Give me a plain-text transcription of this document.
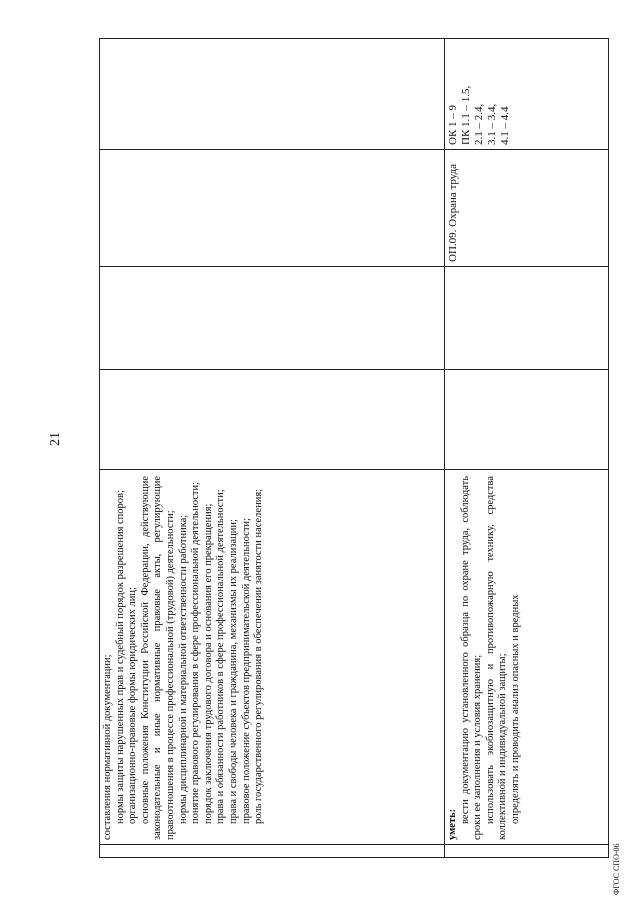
21
ФГОС СПО-06

составления нормативной документации; нормы защиты нарушенных прав и судебный порядок разрешения споров; организационно-правовые формы юридических лиц; основные положения Конституции Российской Федерации, действующие законодательные и иные нормативные правовые акты, регулирующие правоотношения в процессе профессиональной (трудовой) деятельности; нормы дисциплинарной и материальной ответственности работника; понятие правового регулирования в сфере профессиональной деятельности; порядок заключения трудового договора и основания его прекращения; права и обязанности работников в сфере профессиональной деятельности; права и свободы человека и гражданина, механизмы их реализации; правовое положение субъектов предпринимательской деятельности; роль государственного регулирования в обеспечении занятости населения;

уметь:

вести документацию установленного образца по охране труда, соблюдать сроки ее заполнения и условия хранения; использовать экобиозащитную и противопожарную технику, средства коллективной и индивидуальной защиты; определять и проводить анализ опасных и вредных

ОП.09. Охрана труда
ОК 1 – 9 ПК 1.1 – 1.5, 2.1 – 2.4, 3.1 – 3.4, 4.1 – 4.4
